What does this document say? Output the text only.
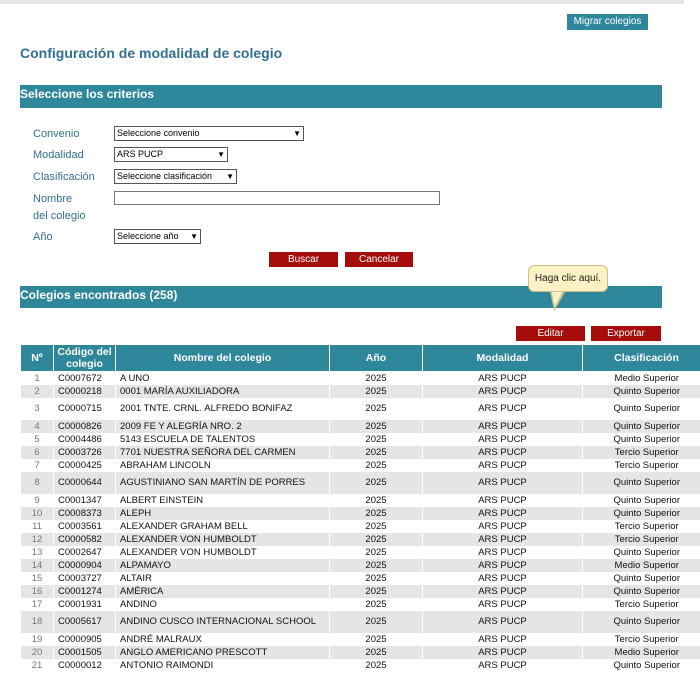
Migrar colegios
Configuración de modalidad de colegio
Seleccione los criterios
Convenio	Seleccione convenio	▼
Modalidad	ARS PUCP	▼
Clasificación	Seleccione clasificación ▼
Nombre
del colegio
Año	Seleccione año ▼
Buscar	Cancelar
Colegios encontrados (258)
Haga clic aquí.
Editar	Exportar
Nº	Código del colegio	Nombre del colegio	Año	Modalidad	Clasificación
1	C0007672	A UNO	2025	ARS PUCP	Medio Superior
2	C0000218	0001 MARÍA AUXILIADORA	2025	ARS PUCP	Quinto Superior
3	C0000715	2001 TNTE. CRNL. ALFREDO BONIFAZ	2025	ARS PUCP	Quinto Superior
4	C0000826	2009 FE Y ALEGRÍA NRO. 2	2025	ARS PUCP	Quinto Superior
5	C0004486	5143 ESCUELA DE TALENTOS	2025	ARS PUCP	Quinto Superior
6	C0003726	7701 NUESTRA SEÑORA DEL CARMEN	2025	ARS PUCP	Tercio Superior
7	C0000425	ABRAHAM LINCOLN	2025	ARS PUCP	Tercio Superior
8	C0000644	AGUSTINIANO SAN MARTÍN DE PORRES	2025	ARS PUCP	Quinto Superior
9	C0001347	ALBERT EINSTEIN	2025	ARS PUCP	Quinto Superior
10	C0008373	ALEPH	2025	ARS PUCP	Quinto Superior
11	C0003561	ALEXANDER GRAHAM BELL	2025	ARS PUCP	Tercio Superior
12	C0000582	ALEXANDER VON HUMBOLDT	2025	ARS PUCP	Tercio Superior
13	C0002647	ALEXANDER VON HUMBOLDT	2025	ARS PUCP	Quinto Superior
14	C0000904	ALPAMAYO	2025	ARS PUCP	Medio Superior
15	C0003727	ALTAIR	2025	ARS PUCP	Quinto Superior
16	C0001274	AMÉRICA	2025	ARS PUCP	Quinto Superior
17	C0001931	ANDINO	2025	ARS PUCP	Tercio Superior
18	C0005617	ANDINO CUSCO INTERNACIONAL SCHOOL	2025	ARS PUCP	Quinto Superior
19	C0000905	ANDRÉ MALRAUX	2025	ARS PUCP	Tercio Superior
20	C0001505	ANGLO AMERICANO PRESCOTT	2025	ARS PUCP	Medio Superior
21	C0000012	ANTONIO RAIMONDI	2025	ARS PUCP	Quinto Superior
